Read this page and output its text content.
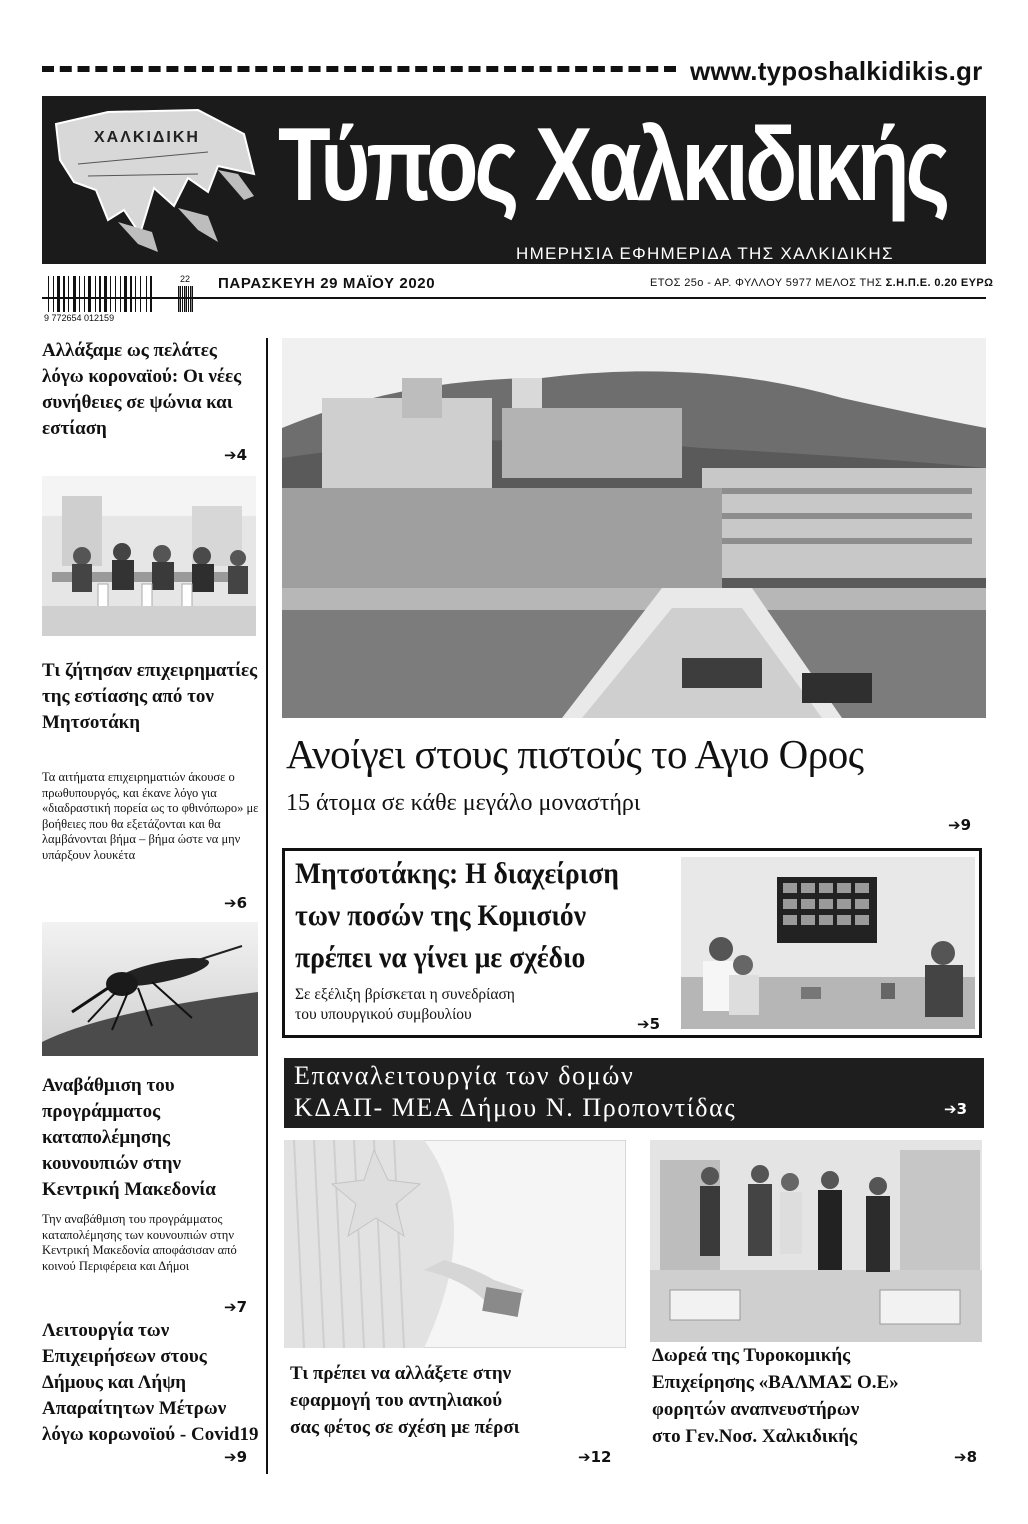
www.typoshalkidikis.gr
ΧΑΛΚΙΔΙΚΗ Τύπος Χαλκιδικής
ΗΜΕΡΗΣΙΑ ΕΦΗΜΕΡΙΔΑ ΤΗΣ ΧΑΛΚΙΔΙΚΗΣ
9 772654 012159
22 ΠΑΡΑΣΚΕΥΗ 29 ΜΑΪΟΥ 2020	ΕΤΟΣ 25ο - ΑΡ. ΦΥΛΛΟΥ 5977 ΜΕΛΟΣ ΤΗΣ Σ.Η.Π.Ε. 0.20 ΕΥΡΩ
Αλλάξαμε ως πελάτες λόγω κοροναϊού: Οι νέες συνήθειες σε ψώνια και εστίαση
➔4
Τι ζήτησαν επιχειρηματίες της εστίασης από τον Μητσοτάκη
Τα αιτήματα επιχειρηματιών άκουσε ο πρωθυπουργός, και έκανε λόγο για «διαδραστική πορεία ως το φθινόπωρο» με βοήθειες που θα εξετάζονται και θα λαμβάνονται βήμα – βήμα ώστε να μην υπάρξουν λουκέτα
➔6
Αναβάθμιση του προγράμματος καταπολέμησης κουνουπιών στην Κεντρική Μακεδονία
Την αναβάθμιση του προγράμματος καταπολέμησης των κουνουπιών στην Κεντρική Μακεδονία αποφάσισαν από κοινού Περιφέρεια και Δήμοι
➔7
Λειτουργία των Επιχειρήσεων στους Δήμους και Λήψη Απαραίτητων Μέτρων λόγω κορωνοϊού - Covid19
➔9
Ανοίγει στους πιστούς το Αγιο Ορος
15 άτομα σε κάθε μεγάλο μοναστήρι
➔9
Μητσοτάκης: Η διαχείριση
των ποσών της Κομισιόν
πρέπει να γίνει με σχέδιο
Σε εξέλιξη βρίσκεται η συνεδρίαση
του υπουργικού συμβουλίου
➔5
Επαναλειτουργία των δομών
ΚΔΑΠ- ΜΕΑ Δήμου Ν. Προποντίδας	➔3
Τι πρέπει να αλλάξετε στην
εφαρμογή του αντηλιακού
σας φέτος σε σχέση με πέρσι
➔12
Δωρεά της Τυροκομικής
Επιχείρησης «ΒΑΛΜΑΣ Ο.Ε»
φορητών αναπνευστήρων
στο Γεν.Νοσ. Χαλκιδικής
➔8
